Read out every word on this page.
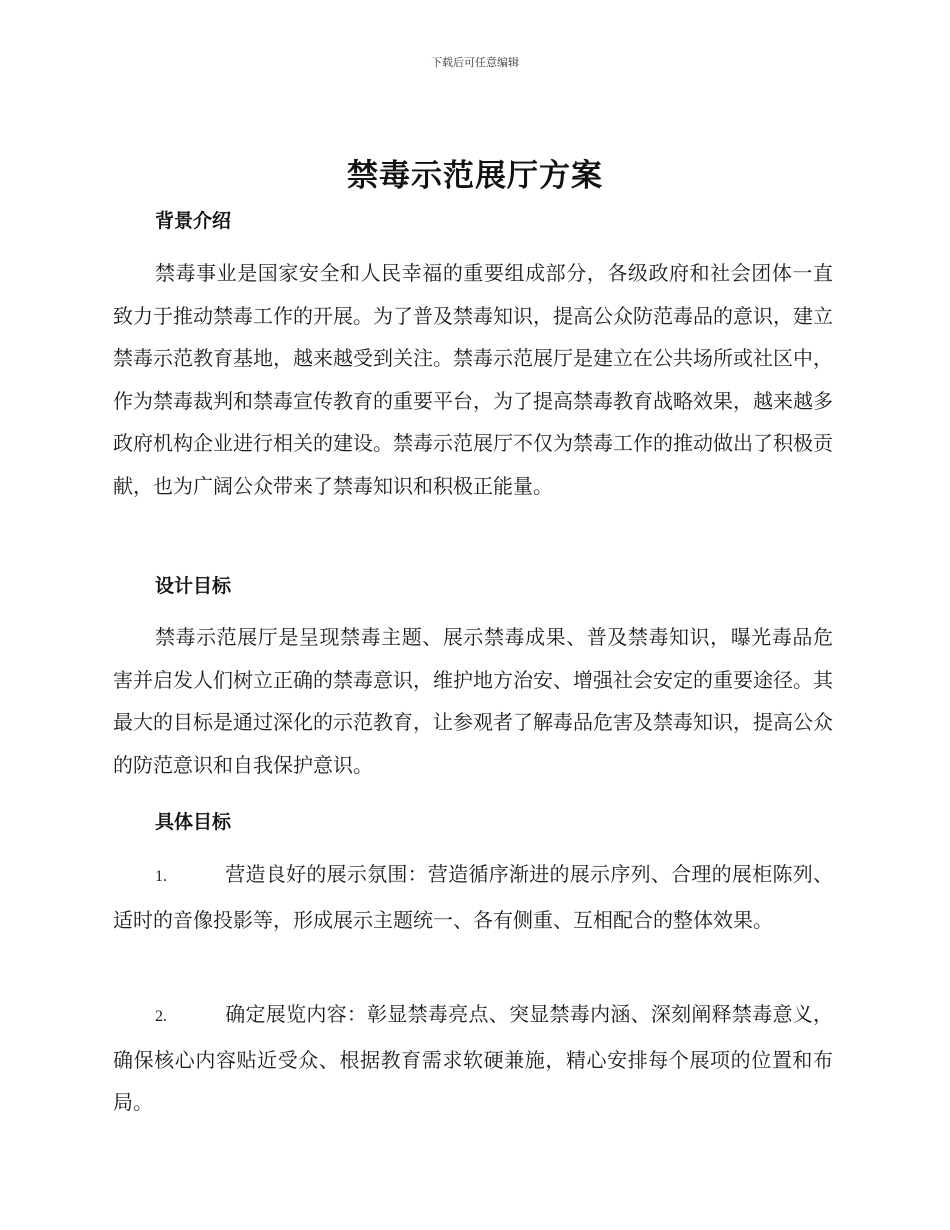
下载后可任意编辑
禁毒示范展厅方案
背景介绍

禁毒事业是国家安全和人民幸福的重要组成部分，各级政府和社会团体一直致力于推动禁毒工作的开展。为了普及禁毒知识，提高公众防范毒品的意识，建立禁毒示范教育基地，越来越受到关注。禁毒示范展厅是建立在公共场所或社区中，作为禁毒裁判和禁毒宣传教育的重要平台，为了提高禁毒教育战略效果，越来越多政府机构企业进行相关的建设。禁毒示范展厅不仅为禁毒工作的推动做出了积极贡献，也为广阔公众带来了禁毒知识和积极正能量。

设计目标

禁毒示范展厅是呈现禁毒主题、展示禁毒成果、普及禁毒知识，曝光毒品危害并启发人们树立正确的禁毒意识，维护地方治安、增强社会安定的重要途径。其最大的目标是通过深化的示范教育，让参观者了解毒品危害及禁毒知识，提高公众的防范意识和自我保护意识。

具体目标

1.	营造良好的展示氛围：营造循序渐进的展示序列、合理的展柜陈列、适时的音像投影等，形成展示主题统一、各有侧重、互相配合的整体效果。

2.	确定展览内容：彰显禁毒亮点、突显禁毒内涵、深刻阐释禁毒意义，确保核心内容贴近受众、根据教育需求软硬兼施，精心安排每个展项的位置和布局。
